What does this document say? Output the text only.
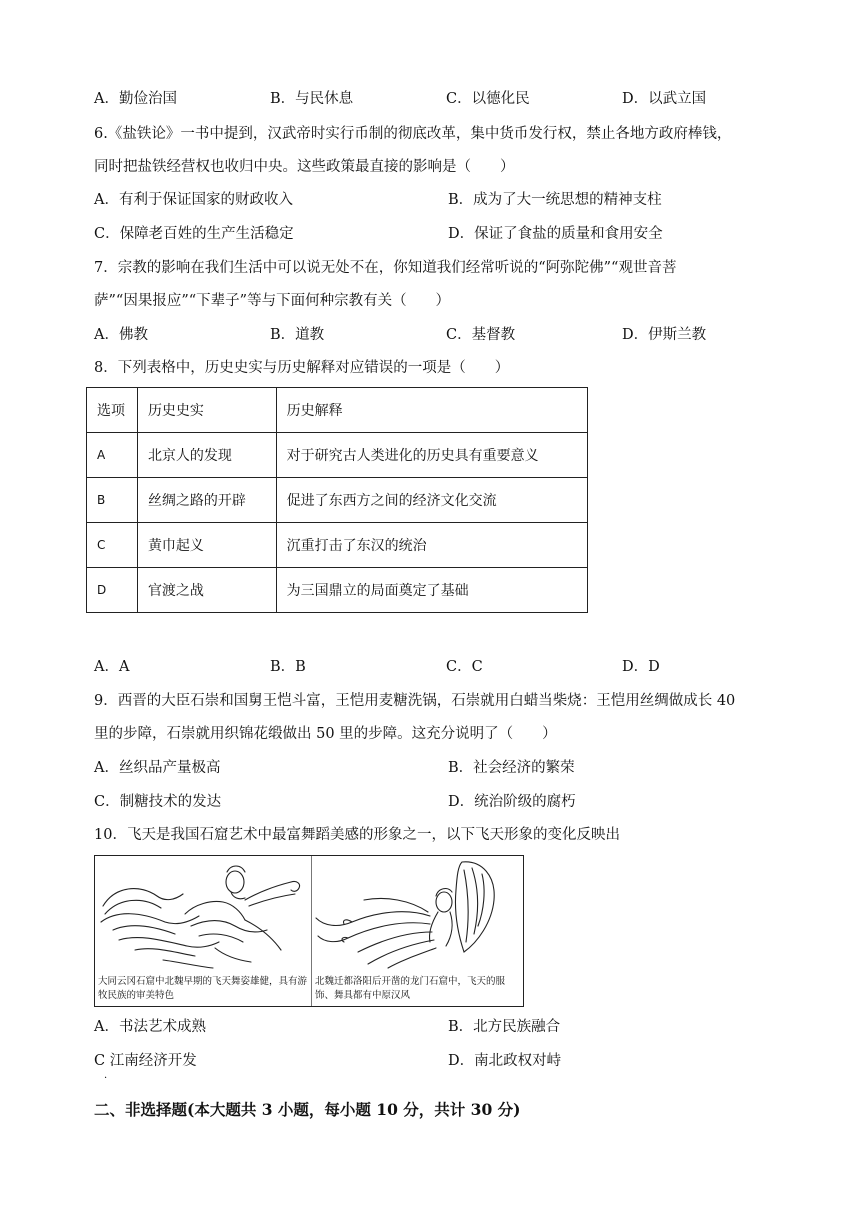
A．勤俭治国	B．与民休息	C．以德化民	D．以武立国
6.《盐铁论》一书中提到，汉武帝时实行币制的彻底改革，集中货币发行权，禁止各地方政府棒钱，
同时把盐铁经营权也收归中央。这些政策最直接的影响是（　　）
A．有利于保证国家的财政收入	B．成为了大一统思想的精神支柱
C．保障老百姓的生产生活稳定	D．保证了食盐的质量和食用安全
7．宗教的影响在我们生活中可以说无处不在，你知道我们经常听说的“阿弥陀佛”“观世音菩
萨”“因果报应”“下辈子”等与下面何种宗教有关（　　）
A．佛教	B．道教	C．基督教	D．伊斯兰教
8．下列表格中，历史史实与历史解释对应错误的一项是（　　）
选项	历史史实	历史解释
A	北京人的发现	对于研究古人类进化的历史具有重要意义
B	丝绸之路的开辟	促进了东西方之间的经济文化交流
C	黄巾起义	沉重打击了东汉的统治
D	官渡之战	为三国鼎立的局面奠定了基础
A．A	B．B	C．C	D．D
9．西晋的大臣石崇和国舅王恺斗富，王恺用麦糖洗锅，石崇就用白蜡当柴烧：王恺用丝绸做成长 40
里的步障，石崇就用织锦花缎做出 50 里的步障。这充分说明了（　　）
A．丝织品产量极高	B．社会经济的繁荣
C．制糖技术的发达	D．统治阶级的腐朽
10．飞天是我国石窟艺术中最富舞蹈美感的形象之一，以下飞天形象的变化反映出
大同云冈石窟中北魏早期的飞天舞姿雄健，具有游牧民族的审美特色
北魏迁都洛阳后开凿的龙门石窟中，飞天的服饰、舞具都有中原汉风
A．书法艺术成熟	B．北方民族融合
C 江南经济开发	D．南北政权对峙
·
二、非选择题(本大题共 3 小题，每小题 10 分，共计 30 分)
